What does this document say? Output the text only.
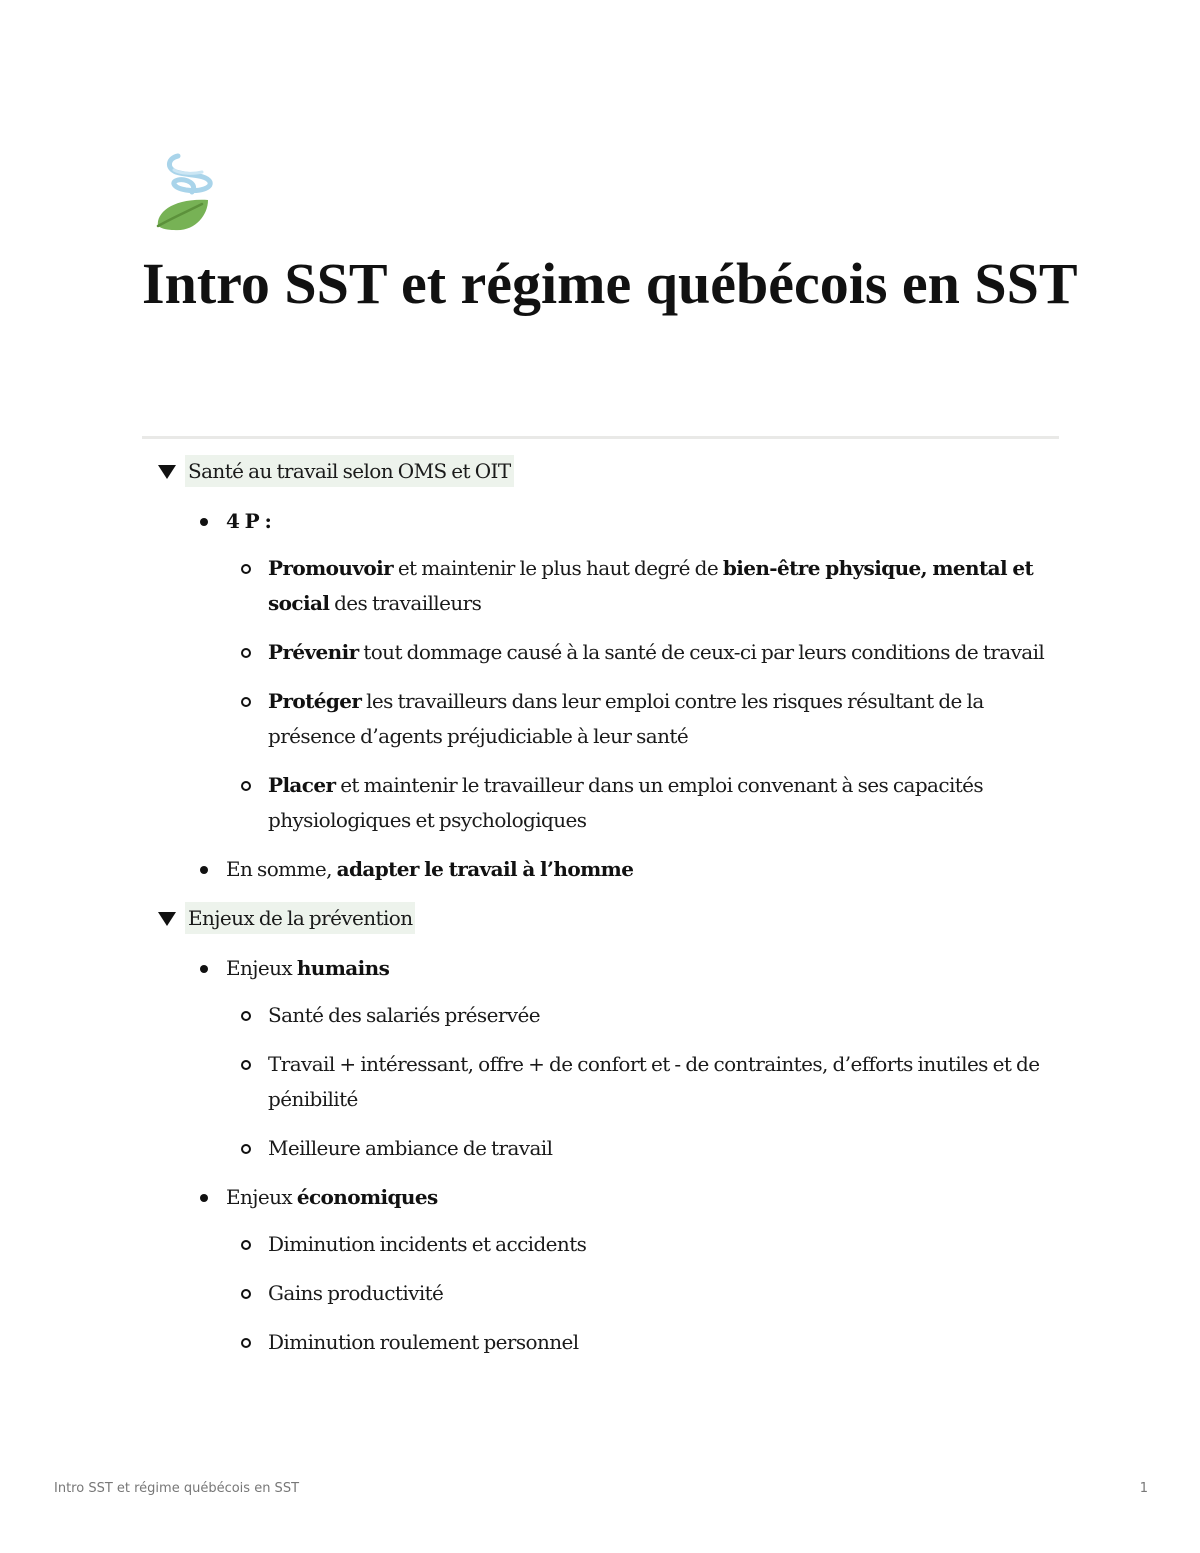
Intro SST et régime québécois en SST
Santé au travail selon OMS et OIT
4 P :
Promouvoir et maintenir le plus haut degré de bien-être physique, mental et social des travailleurs
Prévenir tout dommage causé à la santé de ceux-ci par leurs conditions de travail
Protéger les travailleurs dans leur emploi contre les risques résultant de la présence d’agents préjudiciable à leur santé
Placer et maintenir le travailleur dans un emploi convenant à ses capacités physiologiques et psychologiques
En somme, adapter le travail à l’homme
Enjeux de la prévention
Enjeux humains
Santé des salariés préservée
Travail + intéressant, offre + de confort et - de contraintes, d’efforts inutiles et de pénibilité
Meilleure ambiance de travail
Enjeux économiques
Diminution incidents et accidents
Gains productivité
Diminution roulement personnel
Intro SST et régime québécois en SST	1
